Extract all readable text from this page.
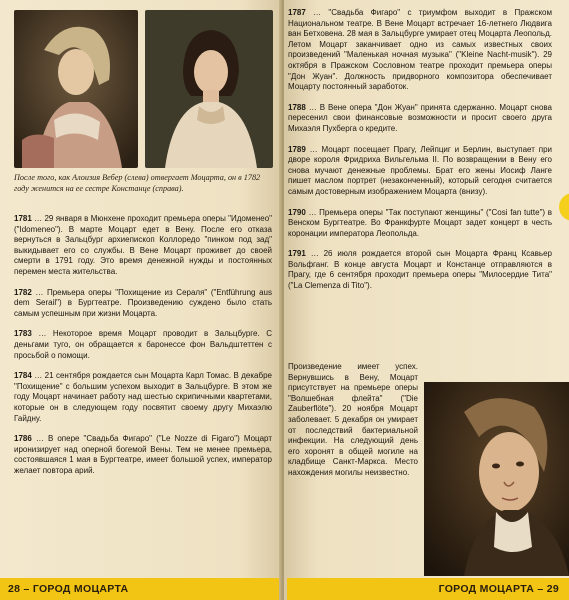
После того, как Алоизия Вебер (слева) отвергает Моцарта, он в 1782 году женится на ее сестре Констанце (справа).

1781 … 29 января в Мюнхене проходит премьера оперы "Идоменео" ("Idomeneo"). В марте Моцарт едет в Вену. После его отказа вернуться в Зальцбург архиепископ Коллоредо "пинком под зад" выкидывает его со службы. В Вене Моцарт проживет до своей смерти в 1791 году. Это время денежной нужды и постоянных перемен места жительства.

1782 … Премьера оперы "Похищение из Сераля" ("Entführung aus dem Serail") в Бургтеатре. Произведению суждено было стать самым успешным при жизни Моцарта.

1783 … Некоторое время Моцарт проводит в Зальцбурге. С деньгами туго, он обращается к баронессе фон Вальдштеттен с просьбой о помощи.

1784 … 21 сентября рождается сын Моцарта Карл Томас. В декабре "Похищение" с большим успехом выходит в Зальцбурге. В этом же году Моцарт начинает работу над шестью скрипичными квартетами, которые он в следующем году посвятит своему другу Михаэлю Гайдну.

1786 … В опере "Свадьба Фигаро" ("Le Nozze di Figaro") Моцарт иронизирует над оперной богемой Вены. Тем не менее премьера, состоявшаяся 1 мая в Бургтеатре, имеет большой успех, император желает повтора арий.

28 – ГОРОД МОЦАРТА

1787 … "Свадьба Фигаро" с триумфом выходит в Пражском Национальном театре. В Вене Моцарт встречает 16-летнего Людвига ван Бетховена. 28 мая в Зальцбурге умирает отец Моцарта Леопольд. Летом Моцарт заканчивает одно из самых известных своих произведений "Маленькая ночная музыка" ("Kleine Nacht-musik"). 29 октября в Пражском Сословном театре проходит премьера оперы "Дон Жуан". Должность придворного композитора обеспечивает Моцарту постоянный заработок.

1788 … В Вене опера "Дон Жуан" принята сдержанно. Моцарт снова пересенил свои финансовые возможности и просит своего друга Михаэля Пухберга о кредите.

1789 … Моцарт посещает Прагу, Лейпциг и Берлин, выступает при дворе короля Фридриха Вильгельма II. По возвращении в Вену его снова мучают денежные проблемы. Брат его жены Иосиф Ланге пишет маслом портрет (незаконченный), который сегодня считается самым достоверным изображением Моцарта (внизу).

1790 … Премьера оперы "Так поступают женщины" ("Cosi fan tutte") в Венском Бургтеатре. Во Франкфурте Моцарт задет концерт в честь коронации императора Леопольда.

1791 … 26 июля рождается второй сын Моцарта Франц Ксавьер Вольфганг. В конце августа Моцарт и Констанце отправляются в Прагу, где 6 сентября проходит премьера оперы "Милосердие Тита" ("La Clemenza di Tito").

Произведение имеет успех. Вернувшись в Вену, Моцарт присутствует на премьере оперы "Волшебная флейта" ("Die Zauberflöte"). 20 ноября Моцарт заболевает. 5 декабря он умирает от последствий бактериальной инфекции. На следующий день его хоронят в общей могиле на кладбище Санкт-Маркса. Место нахождения могилы неизвестно.

ГОРОД МОЦАРТА – 29
